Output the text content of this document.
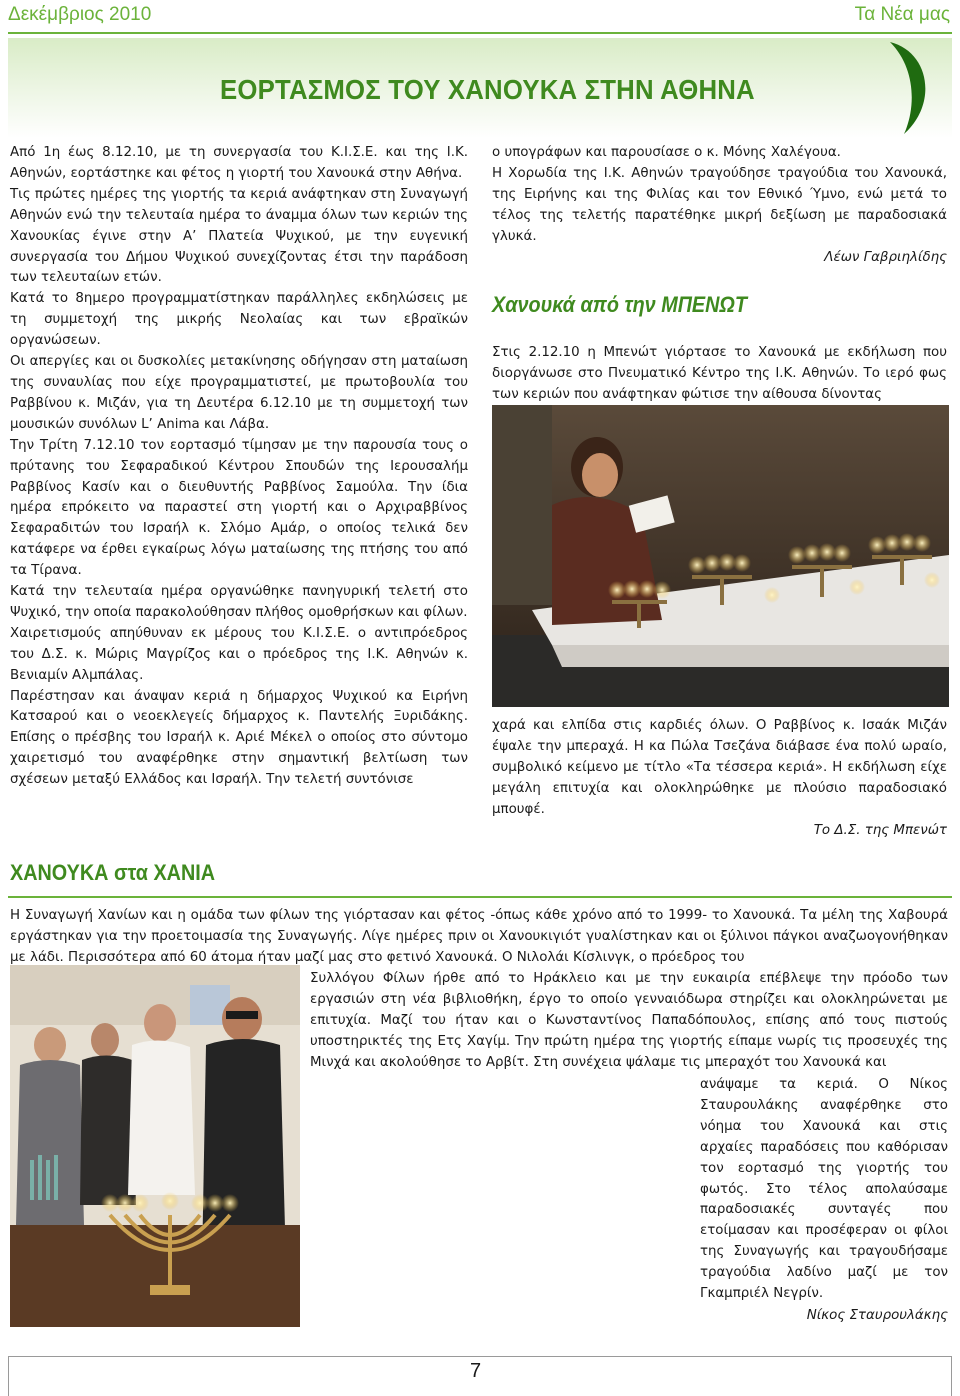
Δεκέμβριος 2010	Τα Νέα μας
ΕΟΡΤΑΣΜΟΣ ΤΟΥ ΧΑΝΟΥΚΑ ΣΤΗΝ ΑΘΗΝΑ

Από 1η έως 8.12.10, με τη συνεργασία του Κ.Ι.Σ.Ε. και της Ι.Κ. Αθηνών, εορτάστηκε και φέτος η γιορτή του Χανουκά στην Αθήνα.

Τις πρώτες ημέρες της γιορτής τα κεριά ανάφτηκαν στη Συναγωγή Αθηνών ενώ την τελευταία ημέρα το άναμμα όλων των κεριών της Χανουκίας έγινε στην Α’ Πλατεία Ψυχικού, με την ευγενική συνεργασία του Δήμου Ψυχικού συνεχίζοντας έτσι την παράδοση των τελευταίων ετών.

Κατά το 8ημερο προγραμματίστηκαν παράλληλες εκδηλώσεις με τη συμμετοχή της μικρής Νεολαίας και των εβραϊκών οργανώσεων.

Οι απεργίες και οι δυσκολίες μετακίνησης οδήγησαν στη ματαίωση της συναυλίας που είχε προγραμματιστεί, με πρωτοβουλία του Ραββίνου κ. Μιζάν, για τη Δευτέρα 6.12.10 με τη συμμετοχή των μουσικών συνόλων L’ Anima και Λάβα.

Την Τρίτη 7.12.10 τον εορτασμό τίμησαν με την παρουσία τους ο πρύτανης του Σεφαραδικού Κέντρου Σπουδών της Ιερουσαλήμ Ραββίνος Κασίν και ο διευθυντής Ραββίνος Σαμούλα. Την ίδια ημέρα επρόκειτο να παραστεί στη γιορτή και ο Αρχιραββίνος Σεφαραδιτών του Ισραήλ κ. Σλόμο Αμάρ, ο οποίος τελικά δεν κατάφερε να έρθει εγκαίρως λόγω ματαίωσης της πτήσης του από τα Τίρανα.

Κατά την τελευταία ημέρα οργανώθηκε πανηγυρική τελετή στο Ψυχικό, την οποία παρακολούθησαν πλήθος ομοθρήσκων και φίλων.

Χαιρετισμούς απηύθυναν εκ μέρους του Κ.Ι.Σ.Ε. ο αντιπρόεδρος του Δ.Σ. κ. Μώρις Μαγρίζος και ο πρόεδρος της Ι.Κ. Αθηνών κ. Βενιαμίν Αλμπάλας.

Παρέστησαν και άναψαν κεριά η δήμαρχος Ψυχικού κα Ειρήνη Κατσαρού και ο νεοεκλεγείς δήμαρχος κ. Παντελής Ξυριδάκης. Επίσης ο πρέσβης του Ισραήλ κ. Αριέ Μέκελ ο οποίος στο σύντομο χαιρετισμό του αναφέρθηκε στην σημαντική βελτίωση των σχέσεων μεταξύ Ελλάδος και Ισραήλ. Την τελετή συντόνισε

ο υπογράφων και παρουσίασε ο κ. Μόνης Χαλέγουα.

Η Χορωδία της Ι.Κ. Αθηνών τραγούδησε τραγούδια του Χανουκά, της Ειρήνης και της Φιλίας και τον Εθνικό Ύμνο, ενώ μετά το τέλος της τελετής παρατέθηκε μικρή δεξίωση με παραδοσιακά γλυκά.

Λέων Γαβριηλίδης

Χανουκά από την ΜΠΕΝΩΤ

Στις 2.12.10 η Μπενώτ γιόρτασε το Χανουκά με εκδήλωση που διοργάνωσε στο Πνευματικό Κέντρο της Ι.Κ. Αθηνών. Το ιερό φως των κεριών που ανάφτηκαν φώτισε την αίθουσα δίνοντας

χαρά και ελπίδα στις καρδιές όλων. Ο Ραββίνος κ. Ισαάκ Μιζάν έψαλε την μπεραχά. Η κα Πώλα Τσεζάνα διάβασε ένα πολύ ωραίο, συμβολικό κείμενο με τίτλο «Τα τέσσερα κεριά». Η εκδήλωση είχε μεγάλη επιτυχία και ολοκληρώθηκε με πλούσιο παραδοσιακό μπουφέ.

Το Δ.Σ. της Μπενώτ

ΧΑΝΟΥΚΑ στα ΧΑΝΙΑ

Η Συναγωγή Χανίων και η ομάδα των φίλων της γιόρτασαν και φέτος -όπως κάθε χρόνο από το 1999- το Χανουκά. Τα μέλη της Χαβουρά εργάστηκαν για την προετοιμασία της Συναγωγής. Λίγε ημέρες πριν οι Χανουκιγιότ γυαλίστηκαν και οι ξύλινοι πάγκοι αναζωογονήθηκαν με λάδι. Περισσότερα από 60 άτομα ήταν μαζί μας στο φετινό Χανουκά. Ο Νιλολάι Κίσλινγκ, ο πρόεδρος του

Συλλόγου Φίλων ήρθε από το Ηράκλειο και με την ευκαιρία επέβλεψε την πρόοδο των εργασιών στη νέα βιβλιοθήκη, έργο το οποίο γενναιόδωρα στηρίζει και ολοκληρώνεται με επιτυχία. Μαζί του ήταν και ο Κωνσταντίνος Παπαδόπουλος, επίσης από τους πιστούς υποστηρικτές της Ετς Χαγίμ. Την πρώτη ημέρα της γιορτής είπαμε νωρίς τις προσευχές της Μινχά και ακολούθησε το Αρβίτ. Στη συνέχεια ψάλαμε τις μπεραχότ του Χανουκά και

ανάψαμε τα κεριά. Ο Νίκος Σταυρουλάκης αναφέρθηκε στο νόημα του Χανουκά και στις αρχαίες παραδόσεις που καθόρισαν τον εορτασμό της γιορτής του φωτός. Στο τέλος απολαύσαμε παραδοσιακές συνταγές που ετοίμασαν και προσέφεραν οι φίλοι της Συναγωγής και τραγουδήσαμε τραγούδια λαδίνο μαζί με τον Γκαμπριέλ Νεγρίν.

Νίκος Σταυρουλάκης
7
